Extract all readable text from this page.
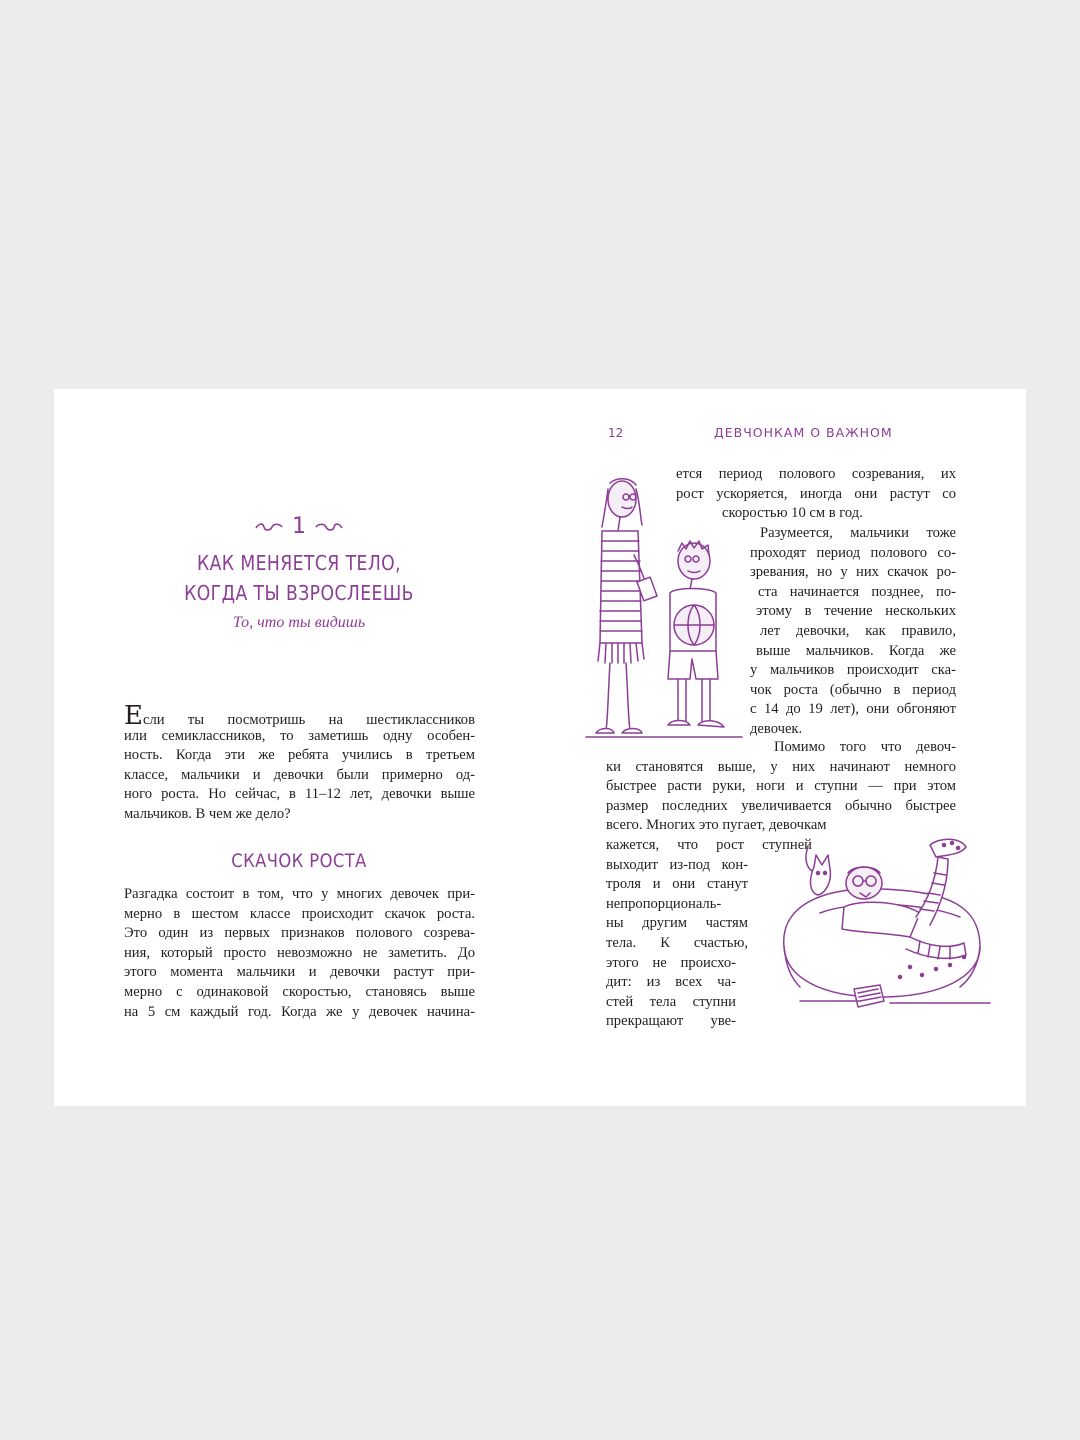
1
КАК МЕНЯЕТСЯ ТЕЛО,
КОГДА ТЫ ВЗРОСЛЕЕШЬ
То, что ты видишь
Если ты посмотришь на шестиклассников
или семиклассников, то заметишь одну особен-
ность. Когда эти же ребята учились в третьем
классе, мальчики и девочки были примерно од-
ного роста. Но сейчас, в 11–12 лет, девочки выше
мальчиков. В чем же дело?
СКАЧОК РОСТА
Разгадка состоит в том, что у многих девочек при-
мерно в шестом классе происходит скачок роста.
Это один из первых признаков полового созрева-
ния, который просто невозможно не заметить. До
этого момента мальчики и девочки растут при-
мерно с одинаковой скоростью, становясь выше
на 5 см каждый год. Когда же у девочек начина-
12	ДЕВЧОНКАМ О ВАЖНОМ
ется период полового созревания, их
рост ускоряется, иногда они растут со
скоростью 10 см в год.
Разумеется, мальчики тоже
проходят период полового со-
зревания, но у них скачок ро-
ста начинается позднее, по-
этому в течение нескольких
лет девочки, как правило,
выше мальчиков. Когда же
у мальчиков происходит ска-
чок роста (обычно в период
с 14 до 19 лет), они обгоняют
девочек.
Помимо того что девоч-
ки становятся выше, у них начинают немного
быстрее расти руки, ноги и ступни — при этом
размер последних увеличивается обычно быстрее
всего. Многих это пугает, девочкам
кажется, что рост ступней
выходит из-под кон-
троля и они станут
непропорциональ-
ны другим частям
тела. К счастью,
этого не происхо-
дит: из всех ча-
стей тела ступни
прекращают уве-
